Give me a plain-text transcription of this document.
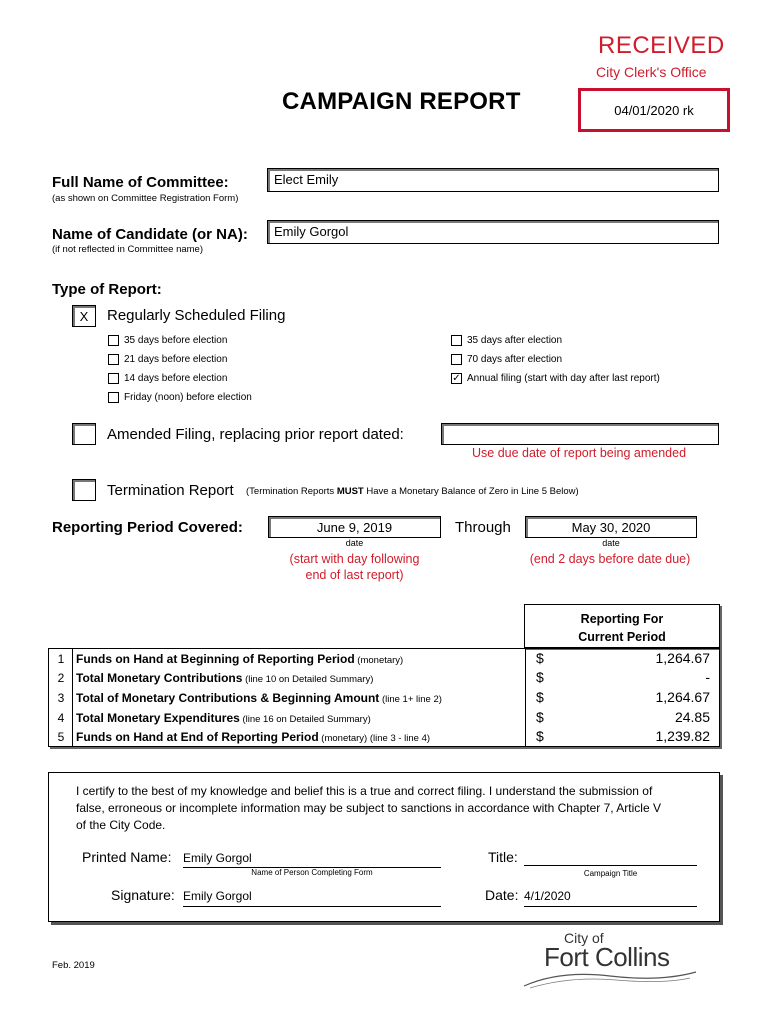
CAMPAIGN REPORT
RECEIVED
City Clerk's Office
04/01/2020 rk
Full Name of Committee:
(as shown on Committee Registration Form)
Elect Emily
Name of Candidate (or NA):
(if not reflected in Committee name)
Emily Gorgol
Type of Report:
X	Regularly Scheduled Filing
35 days before election
21 days before election
14 days before election
Friday (noon) before election
35 days after election
70 days after election
✓ Annual filing (start with day after last report)
Amended Filing, replacing prior report dated:
Use due date of report being amended
Termination Report (Termination Reports MUST Have a Monetary Balance of Zero in Line 5 Below)
Reporting Period Covered:	June 9, 2019
date
(start with day following
end of last report)
Through	May 30, 2020
date
(end 2 days before date due)
Reporting For
Current Period
1 Funds on Hand at Beginning of Reporting Period (monetary)	$	1,264.67
2 Total Monetary Contributions (line 10 on Detailed Summary)	$	-
3 Total of Monetary Contributions & Beginning Amount (line 1+ line 2)	$	1,264.67
4 Total Monetary Expenditures (line 16 on Detailed Summary)	$	24.85
5 Funds on Hand at End of Reporting Period (monetary) (line 3 - line 4)	$	1,239.82
I certify to the best of my knowledge and belief this is a true and correct filing. I understand the submission of
false, erroneous or incomplete information may be subject to sanctions in accordance with Chapter 7, Article V
of the City Code.
Printed Name: Emily Gorgol
Name of Person Completing Form
Title:
Campaign Title
Signature: Emily Gorgol	Date: 4/1/2020
Feb. 2019
City of
Fort Collins
